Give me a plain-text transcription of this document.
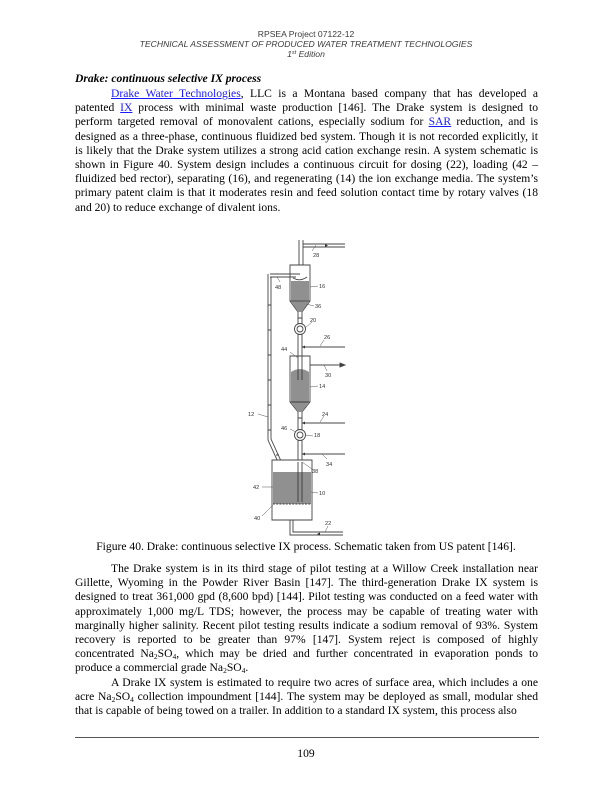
RPSEA Project 07122-12
TECHNICAL ASSESSMENT OF PRODUCED WATER TREATMENT TECHNOLOGIES
1st Edition
Drake: continuous selective IX process

Drake Water Technologies, LLC is a Montana based company that has developed a patented IX process with minimal waste production [146]. The Drake system is designed to perform targeted removal of monovalent cations, especially sodium for SAR reduction, and is designed as a three-phase, continuous fluidized bed system. Though it is not recorded explicitly, it is likely that the Drake system utilizes a strong acid cation exchange resin. A system schematic is shown in Figure 40. System design includes a continuous circuit for dosing (22), loading (42 – fluidized bed rector), separating (16), and regenerating (14) the ion exchange media. The system’s primary patent claim is that it moderates resin and feed solution contact time by rotary valves (18 and 20) to reduce exchange of divalent ions.

28
48	16
36
20
26
44
30
14
12	24
46
18
38
34
42
10
40
22
Figure 40. Drake: continuous selective IX process. Schematic taken from US patent [146].

The Drake system is in its third stage of pilot testing at a Willow Creek installation near Gillette, Wyoming in the Powder River Basin [147]. The third-generation Drake IX system is designed to treat 361,000 gpd (8,600 bpd) [144]. Pilot testing was conducted on a feed water with approximately 1,000 mg/L TDS; however, the process may be capable of treating water with marginally higher salinity. Recent pilot testing results indicate a sodium removal of 93%. System recovery is reported to be greater than 97% [147]. System reject is composed of highly concentrated $Na_2SO_4$, which may be dried and further concentrated in evaporation ponds to produce a commercial grade $Na_2SO_4$.

A Drake IX system is estimated to require two acres of surface area, which includes a one acre $Na_2SO_4$ collection impoundment [144]. The system may be deployed as small, modular shed that is capable of being towed on a trailer. In addition to a standard IX system, this process also

109
